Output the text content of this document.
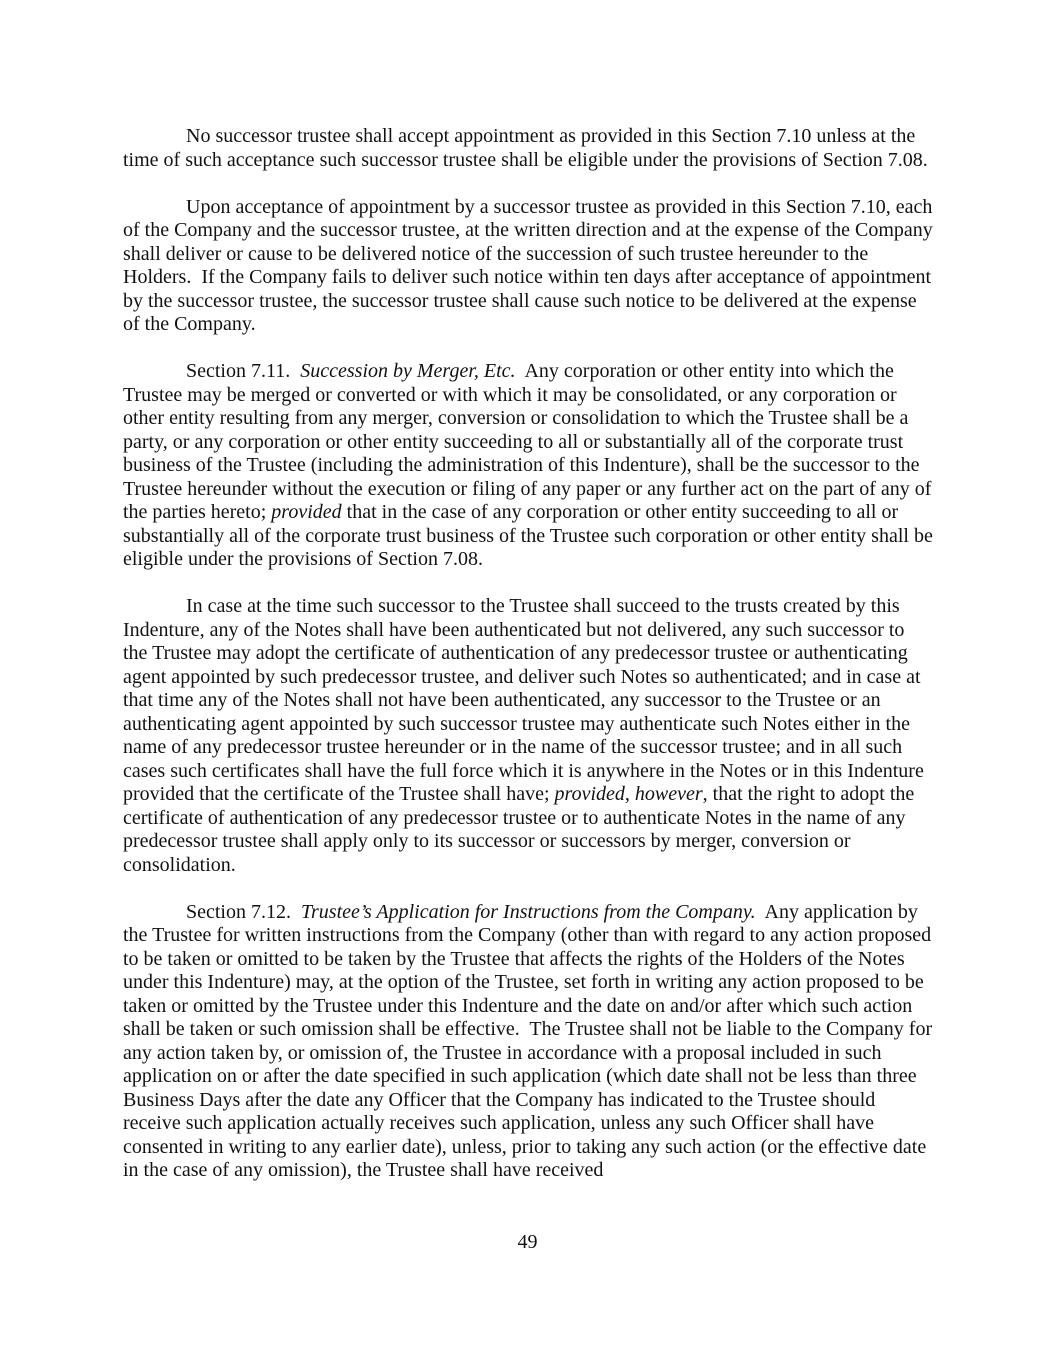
No successor trustee shall accept appointment as provided in this Section 7.10 unless at the time of such acceptance such successor trustee shall be eligible under the provisions of Section 7.08.

Upon acceptance of appointment by a successor trustee as provided in this Section 7.10, each of the Company and the successor trustee, at the written direction and at the expense of the Company shall deliver or cause to be delivered notice of the succession of such trustee hereunder to the Holders.  If the Company fails to deliver such notice within ten days after acceptance of appointment by the successor trustee, the successor trustee shall cause such notice to be delivered at the expense of the Company.

Section 7.11.  Succession by Merger, Etc.  Any corporation or other entity into which the Trustee may be merged or converted or with which it may be consolidated, or any corporation or other entity resulting from any merger, conversion or consolidation to which the Trustee shall be a party, or any corporation or other entity succeeding to all or substantially all of the corporate trust business of the Trustee (including the administration of this Indenture), shall be the successor to the Trustee hereunder without the execution or filing of any paper or any further act on the part of any of the parties hereto; provided that in the case of any corporation or other entity succeeding to all or substantially all of the corporate trust business of the Trustee such corporation or other entity shall be eligible under the provisions of Section 7.08.

In case at the time such successor to the Trustee shall succeed to the trusts created by this Indenture, any of the Notes shall have been authenticated but not delivered, any such successor to the Trustee may adopt the certificate of authentication of any predecessor trustee or authenticating agent appointed by such predecessor trustee, and deliver such Notes so authenticated; and in case at that time any of the Notes shall not have been authenticated, any successor to the Trustee or an authenticating agent appointed by such successor trustee may authenticate such Notes either in the name of any predecessor trustee hereunder or in the name of the successor trustee; and in all such cases such certificates shall have the full force which it is anywhere in the Notes or in this Indenture provided that the certificate of the Trustee shall have; provided, however, that the right to adopt the certificate of authentication of any predecessor trustee or to authenticate Notes in the name of any predecessor trustee shall apply only to its successor or successors by merger, conversion or consolidation.

Section 7.12.  Trustee’s Application for Instructions from the Company.  Any application by the Trustee for written instructions from the Company (other than with regard to any action proposed to be taken or omitted to be taken by the Trustee that affects the rights of the Holders of the Notes under this Indenture) may, at the option of the Trustee, set forth in writing any action proposed to be taken or omitted by the Trustee under this Indenture and the date on and/or after which such action shall be taken or such omission shall be effective.  The Trustee shall not be liable to the Company for any action taken by, or omission of, the Trustee in accordance with a proposal included in such application on or after the date specified in such application (which date shall not be less than three Business Days after the date any Officer that the Company has indicated to the Trustee should receive such application actually receives such application, unless any such Officer shall have consented in writing to any earlier date), unless, prior to taking any such action (or the effective date in the case of any omission), the Trustee shall have received

49
